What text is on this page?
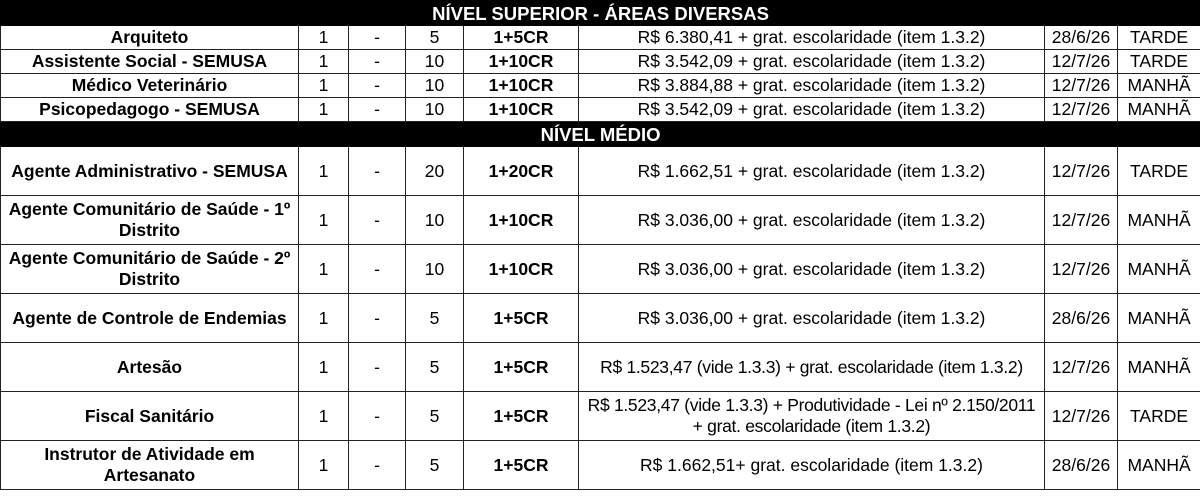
NÍVEL SUPERIOR - ÁREAS DIVERSAS							
Arquiteto	1	-	5	1+5CR	R$ 6.380,41 + grat. escolaridade (item 1.3.2)	28/6/26	TARDE
Assistente Social - SEMUSA	1	-	10	1+10CR	R$ 3.542,09 + grat. escolaridade (item 1.3.2)	12/7/26	TARDE
Médico Veterinário	1	-	10	1+10CR	R$ 3.884,88 + grat. escolaridade (item 1.3.2)	12/7/26	MANHÃ
Psicopedagogo - SEMUSA	1	-	10	1+10CR	R$ 3.542,09 + grat. escolaridade (item 1.3.2)	12/7/26	MANHÃ
NÍVEL MÉDIO							
Agente Administrativo - SEMUSA	1	-	20	1+20CR	R$ 1.662,51 + grat. escolaridade (item 1.3.2)	12/7/26	TARDE
Agente Comunitário de Saúde - 1º Distrito	1	-	10	1+10CR	R$ 3.036,00 + grat. escolaridade (item 1.3.2)	12/7/26	MANHÃ
Agente Comunitário de Saúde - 2º Distrito	1	-	10	1+10CR	R$ 3.036,00 + grat. escolaridade (item 1.3.2)	12/7/26	MANHÃ
Agente de Controle de Endemias	1	-	5	1+5CR	R$ 3.036,00 + grat. escolaridade (item 1.3.2)	28/6/26	MANHÃ
Artesão	1	-	5	1+5CR	R$ 1.523,47 (vide 1.3.3) + grat. escolaridade (item 1.3.2)	12/7/26	MANHÃ
Fiscal Sanitário	1	-	5	1+5CR	R$ 1.523,47 (vide 1.3.3) + Produtividade - Lei nº 2.150/2011 + grat. escolaridade (item 1.3.2)	12/7/26	TARDE
Instrutor de Atividade em Artesanato	1	-	5	1+5CR	R$ 1.662,51+ grat. escolaridade (item 1.3.2)	28/6/26	MANHÃ
